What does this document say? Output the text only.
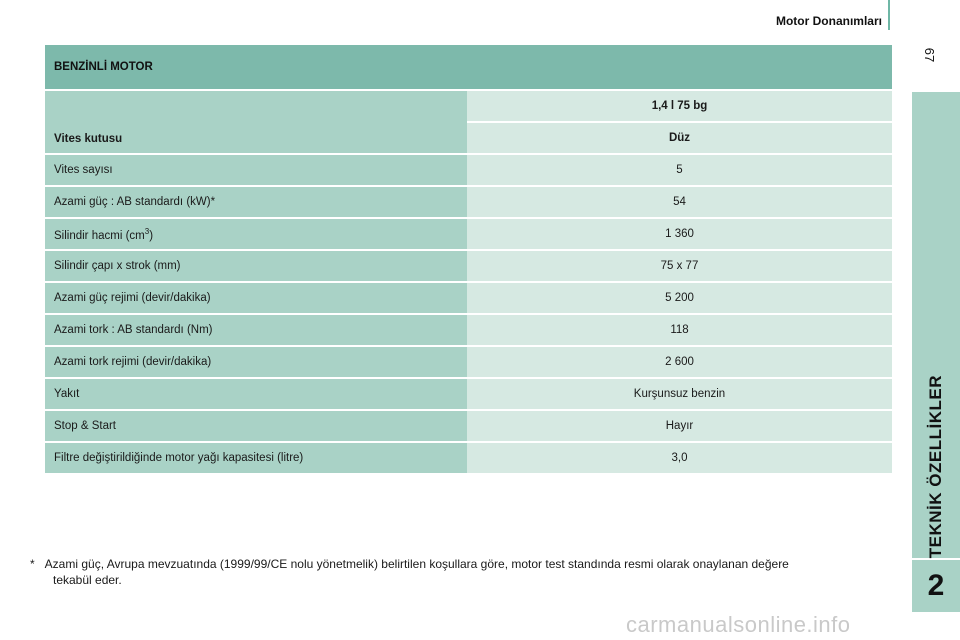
Motor Donanımları
67
TEKNİK ÖZELLİKLER
2
BENZİNLİ MOTOR	
Vites kutusu	1,4 l 75 bg
	Düz
Vites sayısı	5
Azami güç : AB standardı (kW)*	54
Silindir hacmi $(cm^3)$	1 360
Silindir çapı x strok (mm)	75 x 77
Azami güç rejimi (devir/dakika)	5 200
Azami tork : AB standardı (Nm)	118
Azami tork rejimi (devir/dakika)	2 600
Yakıt	Kurşunsuz benzin
Stop & Start	Hayır
Filtre değiştirildiğinde motor yağı kapasitesi (litre)	3,0
* Azami güç, Avrupa mevzuatında (1999/99/CE nolu yönetmelik) belirtilen koşullara göre, motor test standında resmi olarak onaylanan değere
tekabül eder.
carmanualsonline.info
